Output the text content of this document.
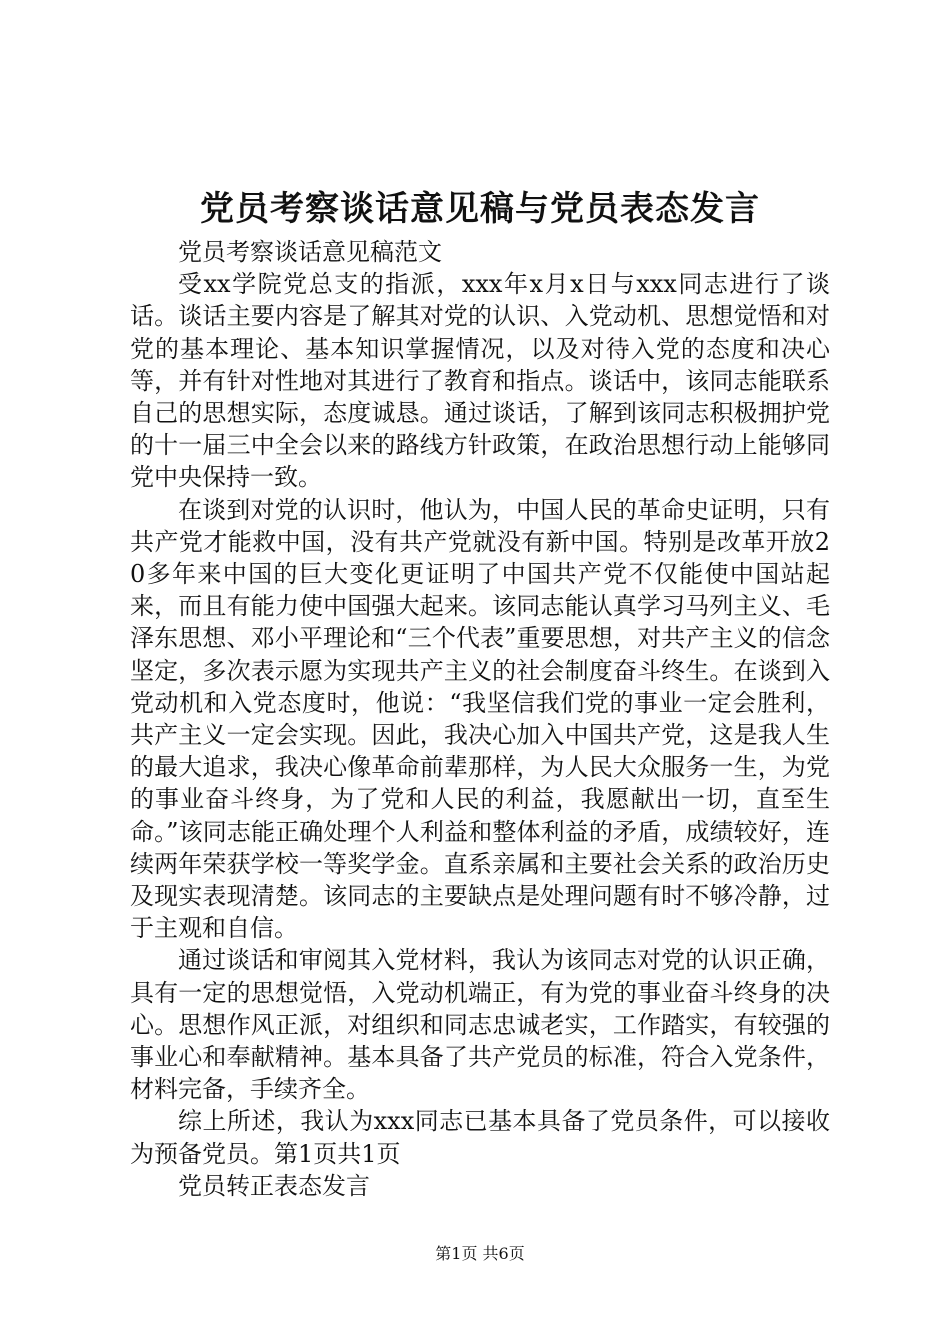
党员考察谈话意见稿与党员表态发言

党员考察谈话意见稿范文

受xx学院党总支的指派，xxx年x月x日与xxx同志进行了谈话。谈话主要内容是了解其对党的认识、入党动机、思想觉悟和对党的基本理论、基本知识掌握情况，以及对待入党的态度和决心等，并有针对性地对其进行了教育和指点。谈话中，该同志能联系自己的思想实际，态度诚恳。通过谈话，了解到该同志积极拥护党的十一届三中全会以来的路线方针政策，在政治思想行动上能够同党中央保持一致。

在谈到对党的认识时，他认为，中国人民的革命史证明，只有共产党才能救中国，没有共产党就没有新中国。特别是改革开放20多年来中国的巨大变化更证明了中国共产党不仅能使中国站起来，而且有能力使中国强大起来。该同志能认真学习马列主义、毛泽东思想、邓小平理论和“三个代表”重要思想，对共产主义的信念坚定，多次表示愿为实现共产主义的社会制度奋斗终生。在谈到入党动机和入党态度时，他说：“我坚信我们党的事业一定会胜利，共产主义一定会实现。因此，我决心加入中国共产党，这是我人生的最大追求，我决心像革命前辈那样，为人民大众服务一生，为党的事业奋斗终身，为了党和人民的利益，我愿献出一切，直至生命。”该同志能正确处理个人利益和整体利益的矛盾，成绩较好，连续两年荣获学校一等奖学金。直系亲属和主要社会关系的政治历史及现实表现清楚。该同志的主要缺点是处理问题有时不够冷静，过于主观和自信。

通过谈话和审阅其入党材料，我认为该同志对党的认识正确，具有一定的思想觉悟，入党动机端正，有为党的事业奋斗终身的决心。思想作风正派，对组织和同志忠诚老实，工作踏实，有较强的事业心和奉献精神。基本具备了共产党员的标准，符合入党条件，材料完备，手续齐全。

综上所述，我认为xxx同志已基本具备了党员条件，可以接收为预备党员。第1页共1页

党员转正表态发言

第1页 共6页
